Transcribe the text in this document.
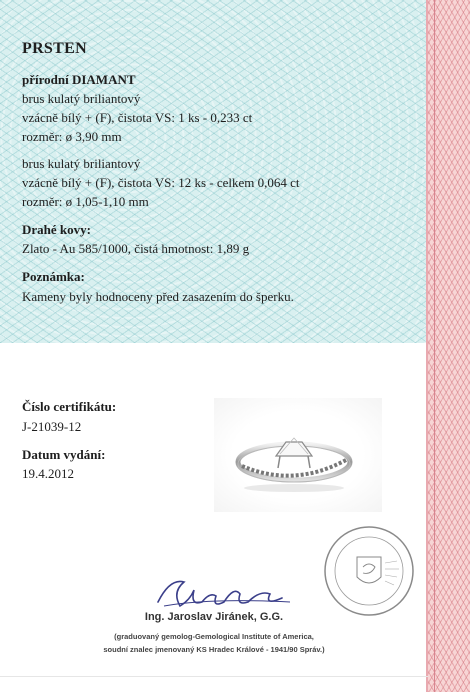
PRSTEN

přírodní DIAMANT

brus kulatý briliantový

vzácně bílý + (F), čistota VS: 1 ks - 0,233 ct

rozměr: ø 3,90 mm

brus kulatý briliantový

vzácně bílý + (F), čistota VS: 12 ks - celkem 0,064 ct

rozměr: ø 1,05-1,10 mm

Drahé kovy:

Zlato - Au 585/1000, čistá hmotnost: 1,89 g

Poznámka:

Kameny byly hodnoceny před zasazením do šperku.

Číslo certifikátu:

J-21039-12

Datum vydání:

19.4.2012

Ing. Jaroslav Jiránek, G.G.
(graduovaný gemolog-Gemological Institute of America,
soudní znalec jmenovaný KS Hradec Králové - 1941/90 Správ.)
